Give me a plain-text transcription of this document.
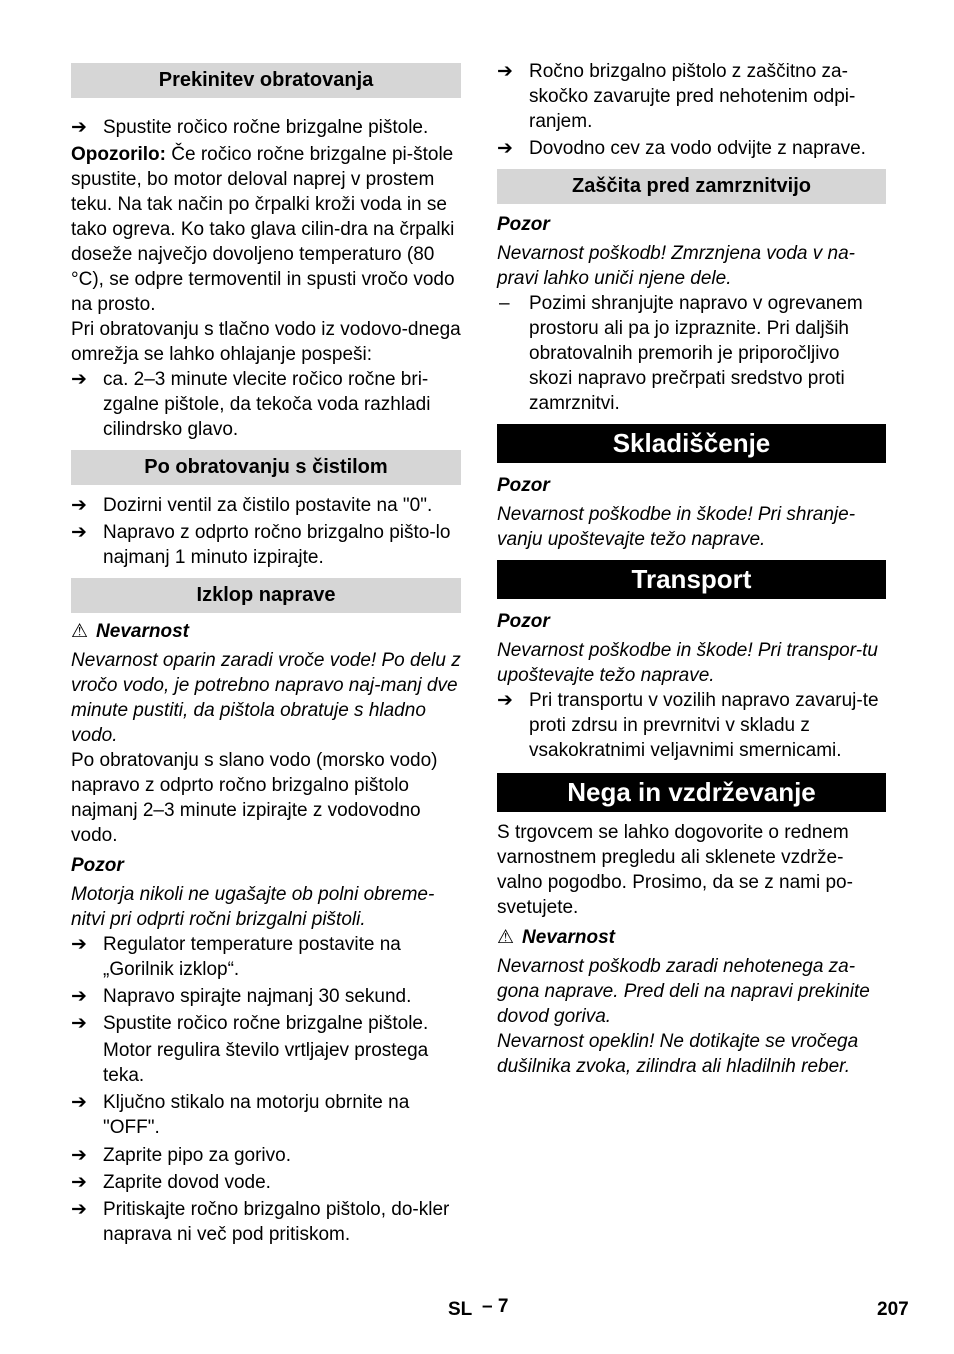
Prekinitev obratovanja
➔ Spustite ročico ročne brizgalne pištole.
Opozorilo: Če ročico ročne brizgalne pi-štole spustite, bo motor deloval naprej v prostem teku. Na tak način po črpalki kroži voda in se tako ogreva. Ko tako glava cilin-dra na črpalki doseže največjo dovoljeno temperaturo (80 °C), se odpre termoventil in spusti vročo vodo na prosto.
Pri obratovanju s tlačno vodo iz vodovo-dnega omrežja se lahko ohlajanje pospeši:
➔ ca. 2–3 minute vlecite ročico ročne bri-zgalne pištole, da tekoča voda razhladi cilindrsko glavo.
Po obratovanju s čistilom
➔ Dozirni ventil za čistilo postavite na "0".
➔ Napravo z odprto ročno brizgalno pišto-lo najmanj 1 minuto izpirajte.
Izklop naprave
⚠ Nevarnost
Nevarnost oparin zaradi vroče vode! Po delu z vročo vodo, je potrebno napravo naj-manj dve minute pustiti, da pištola obratuje s hladno vodo.
Po obratovanju s slano vodo (morsko vodo) napravo z odprto ročno brizgalno pištolo najmanj 2–3 minute izpirajte z vodovodno vodo.
Pozor
Motorja nikoli ne ugašajte ob polni obreme-nitvi pri odprti ročni brizgalni pištoli.
➔ Regulator temperature postavite na „Gorilnik izklop“.
➔ Napravo spirajte najmanj 30 sekund.
➔ Spustite ročico ročne brizgalne pištole.
Motor regulira število vrtljajev prostega teka.
➔ Ključno stikalo na motorju obrnite na "OFF".
➔ Zaprite pipo za gorivo.
➔ Zaprite dovod vode.
➔ Pritiskajte ročno brizgalno pištolo, do-kler naprava ni več pod pritiskom.
➔ Ročno brizgalno pištolo z zaščitno za-skočko zavarujte pred nehotenim odpi-ranjem.
➔ Dovodno cev za vodo odvijte z naprave.
Zaščita pred zamrznitvijo
Pozor
Nevarnost poškodb! Zmrznjena voda v na-pravi lahko uniči njene dele.
– Pozimi shranjujte napravo v ogrevanem prostoru ali pa jo izpraznite. Pri daljših obratovalnih premorih je priporočljivo skozi napravo prečrpati sredstvo proti zamrznitvi.
Skladiščenje
Pozor
Nevarnost poškodbe in škode! Pri shranje-vanju upoštevajte težo naprave.
Transport
Pozor
Nevarnost poškodbe in škode! Pri transpor-tu upoštevajte težo naprave.
➔ Pri transportu v vozilih napravo zavaruj-te proti zdrsu in prevrnitvi v skladu z vsakokratnimi veljavnimi smernicami.
Nega in vzdrževanje
S trgovcem se lahko dogovorite o rednem varnostnem pregledu ali sklenete vzdrže-valno pogodbo. Prosimo, da se z nami po-svetujete.
⚠ Nevarnost
Nevarnost poškodb zaradi nehotenega za-gona naprave. Pred deli na napravi prekinite dovod goriva.
Nevarnost opeklin! Ne dotikajte se vročega dušilnika zvoka, zilindra ali hladilnih reber.
SL – 7	207
